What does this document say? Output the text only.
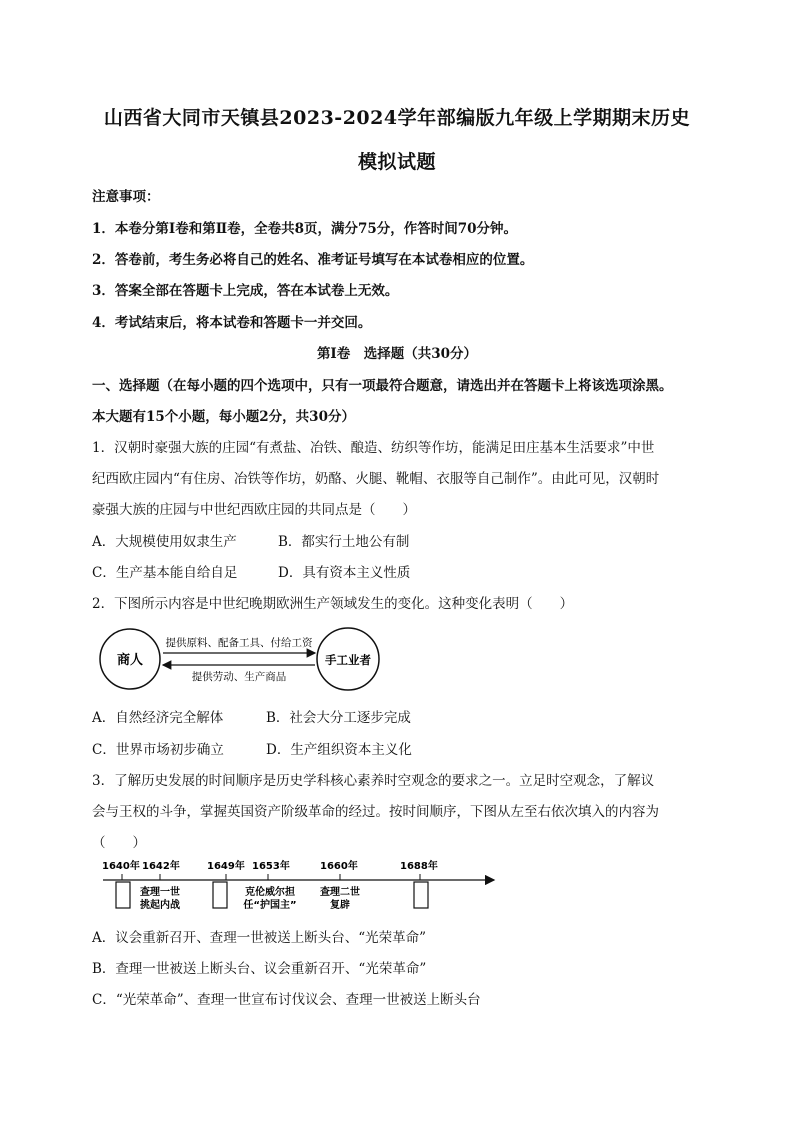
山西省大同市天镇县2023-2024学年部编版九年级上学期期末历史
模拟试题
注意事项：
1．本卷分第Ⅰ卷和第Ⅱ卷，全卷共8页，满分75分，作答时间70分钟。
2．答卷前，考生务必将自己的姓名、准考证号填写在本试卷相应的位置。
3．答案全部在答题卡上完成，答在本试卷上无效。
4．考试结束后，将本试卷和答题卡一并交回。
第Ⅰ卷　选择题（共30分）
一、选择题（在每小题的四个选项中，只有一项最符合题意，请选出并在答题卡上将该选项涂黑。
本大题有15个小题，每小题2分，共30分）
1．汉朝时豪强大族的庄园“有煮盐、冶铁、酿造、纺织等作坊，能满足田庄基本生活要求”中世
纪西欧庄园内“有住房、冶铁等作坊，奶酪、火腿、靴帽、衣服等自己制作”。由此可见，汉朝时
豪强大族的庄园与中世纪西欧庄园的共同点是（　　）
A．大规模使用奴隶生产	B．都实行土地公有制
C．生产基本能自给自足	D．具有资本主义性质
2．下图所示内容是中世纪晚期欧洲生产领域发生的变化。这种变化表明（　　）
商人	手工业者
提供原料、配备工具、付给工资
提供劳动、生产商品
A．自然经济完全解体	B．社会大分工逐步完成
C．世界市场初步确立	D．生产组织资本主义化
3．了解历史发展的时间顺序是历史学科核心素养时空观念的要求之一。立足时空观念，了解议
会与王权的斗争，掌握英国资产阶级革命的经过。按时间顺序，下图从左至右依次填入的内容为
（　　）
1640年 1642年	1649年 1653年	1660年	1688年
查理一世
挑起内战
克伦威尔担
任“护国主”
查理二世
复辟
A．议会重新召开、查理一世被送上断头台、“光荣革命”
B．查理一世被送上断头台、议会重新召开、“光荣革命”
C．“光荣革命”、查理一世宣布讨伐议会、查理一世被送上断头台
